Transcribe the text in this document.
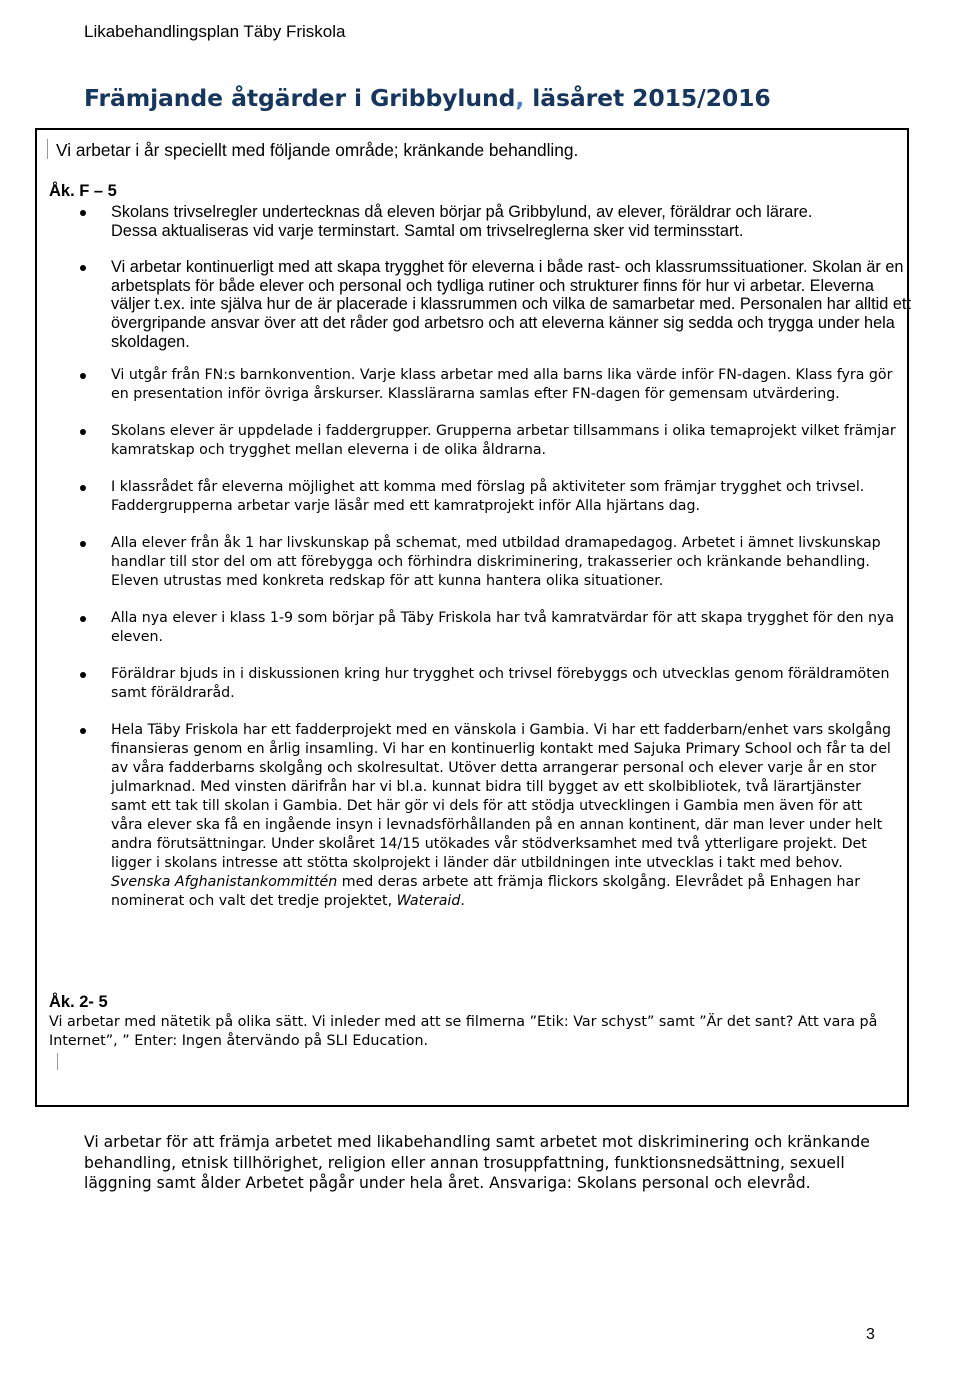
Likabehandlingsplan Täby Friskola
Främjande åtgärder i Gribbylund, läsåret 2015/2016
Vi arbetar i år speciellt med följande område; kränkande behandling.
Åk. F – 5
Skolans trivselregler undertecknas då eleven börjar på Gribbylund, av elever, föräldrar och lärare.
Dessa aktualiseras vid varje terminstart. Samtal om trivselreglerna sker vid terminsstart.
Vi arbetar kontinuerligt med att skapa trygghet för eleverna i både rast- och klassrumssituationer. Skolan är en arbetsplats för både elever och personal och tydliga rutiner och strukturer finns för hur vi arbetar. Eleverna väljer t.ex. inte själva hur de är placerade i klassrummen och vilka de samarbetar med. Personalen har alltid ett övergripande ansvar över att det råder god arbetsro och att eleverna känner sig sedda och trygga under hela skoldagen.
Vi utgår från FN:s barnkonvention. Varje klass arbetar med alla barns lika värde inför FN-dagen. Klass fyra gör en presentation inför övriga årskurser. Klasslärarna samlas efter FN-dagen för gemensam utvärdering.
Skolans elever är uppdelade i faddergrupper. Grupperna arbetar tillsammans i olika temaprojekt vilket främjar kamratskap och trygghet mellan eleverna i de olika åldrarna.
I klassrådet får eleverna möjlighet att komma med förslag på aktiviteter som främjar trygghet och trivsel. Faddergrupperna arbetar varje läsår med ett kamratprojekt inför Alla hjärtans dag.
Alla elever från åk 1 har livskunskap på schemat, med utbildad dramapedagog. Arbetet i ämnet livskunskap handlar till stor del om att förebygga och förhindra diskriminering, trakasserier och kränkande behandling. Eleven utrustas med konkreta redskap för att kunna hantera olika situationer.
Alla nya elever i klass 1-9 som börjar på Täby Friskola har två kamratvärdar för att skapa trygghet för den nya eleven.
Föräldrar bjuds in i diskussionen kring hur trygghet och trivsel förebyggs och utvecklas genom föräldramöten samt föräldraråd.
Hela Täby Friskola har ett fadderprojekt med en vänskola i Gambia. Vi har ett fadderbarn/enhet vars skolgång finansieras genom en årlig insamling. Vi har en kontinuerlig kontakt med Sajuka Primary School och får ta del av våra fadderbarns skolgång och skolresultat. Utöver detta arrangerar personal och elever varje år en stor julmarknad. Med vinsten därifrån har vi bl.a. kunnat bidra till bygget av ett skolbibliotek, två lärartjänster samt ett tak till skolan i Gambia. Det här gör vi dels för att stödja utvecklingen i Gambia men även för att våra elever ska få en ingående insyn i levnadsförhållanden på en annan kontinent, där man lever under helt andra förutsättningar. Under skolåret 14/15 utökades vår stödverksamhet med två ytterligare projekt. Det ligger i skolans intresse att stötta skolprojekt i länder där utbildningen inte utvecklas i takt med behov. Svenska Afghanistankommittén med deras arbete att främja flickors skolgång. Elevrådet på Enhagen har nominerat och valt det tredje projektet, Wateraid.
Åk. 2- 5
Vi arbetar med nätetik på olika sätt. Vi inleder med att se filmerna ”Etik: Var schyst” samt ”Är det sant? Att vara på Internet”, ” Enter: Ingen återvändo på SLI Education.
Vi arbetar för att främja arbetet med likabehandling samt arbetet mot diskriminering och kränkande behandling, etnisk tillhörighet, religion eller annan trosuppfattning, funktionsnedsättning, sexuell läggning samt ålder Arbetet pågår under hela året. Ansvariga: Skolans personal och elevråd.
3
